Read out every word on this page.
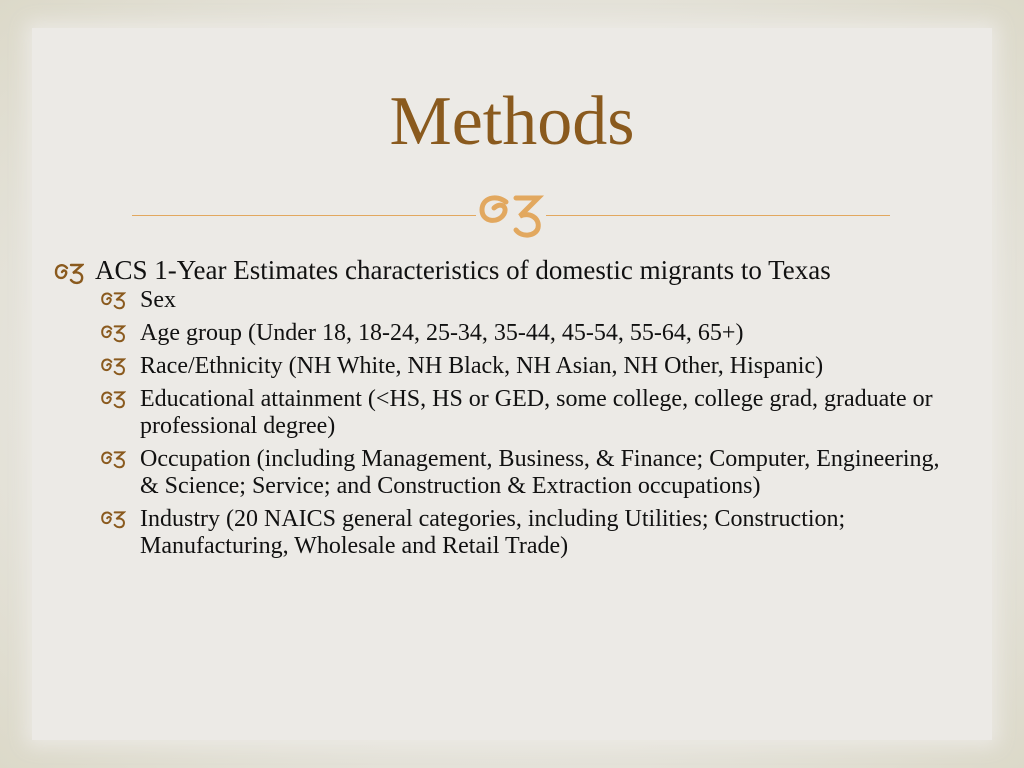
Methods
ACS 1-Year Estimates characteristics of domestic migrants to Texas
Sex
Age group (Under 18, 18-24, 25-34, 35-44, 45-54, 55-64, 65+)
Race/Ethnicity (NH White, NH Black, NH Asian, NH Other, Hispanic)
Educational attainment (<HS, HS or GED, some college, college grad, graduate or professional degree)
Occupation (including Management, Business, & Finance; Computer, Engineering, & Science; Service; and Construction & Extraction occupations)
Industry (20 NAICS general categories, including Utilities; Construction; Manufacturing, Wholesale and Retail Trade)
